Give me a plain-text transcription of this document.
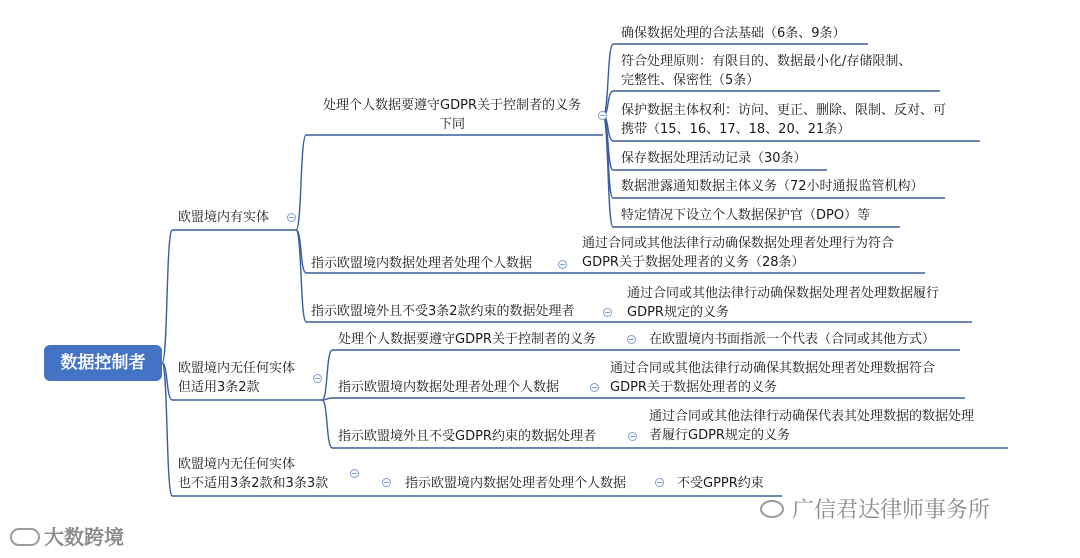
数据控制者
欧盟境内有实体
欧盟境内无任何实体
但适用3条2款
欧盟境内无任何实体
也不适用3条2款和3条3款
处理个人数据要遵守GDPR关于控制者的义务
下同
确保数据处理的合法基础（6条、9条）
符合处理原则：有限目的、数据最小化/存储限制、
完整性、保密性（5条）
保护数据主体权利：访问、更正、删除、限制、反对、可
携带（15、16、17、18、20、21条）
保存数据处理活动记录（30条）
数据泄露通知数据主体义务（72小时通报监管机构）
特定情况下设立个人数据保护官（DPO）等
指示欧盟境内数据处理者处理个人数据
通过合同或其他法律行动确保数据处理者处理行为符合
GDPR关于数据处理者的义务（28条）
指示欧盟境外且不受3条2款约束的数据处理者
通过合同或其他法律行动确保数据处理者处理数据履行
GDPR规定的义务
处理个人数据要遵守GDPR关于控制者的义务	在欧盟境内书面指派一个代表（合同或其他方式）
指示欧盟境内数据处理者处理个人数据
通过合同或其他法律行动确保其数据处理者处理数据符合
GDPR关于数据处理者的义务
指示欧盟境外且不受GDPR约束的数据处理者
通过合同或其他法律行动确保代表其处理数据的数据处理
者履行GDPR规定的义务
指示欧盟境内数据处理者处理个人数据	不受GPPR约束
大数跨境
广信君达律师事务所
